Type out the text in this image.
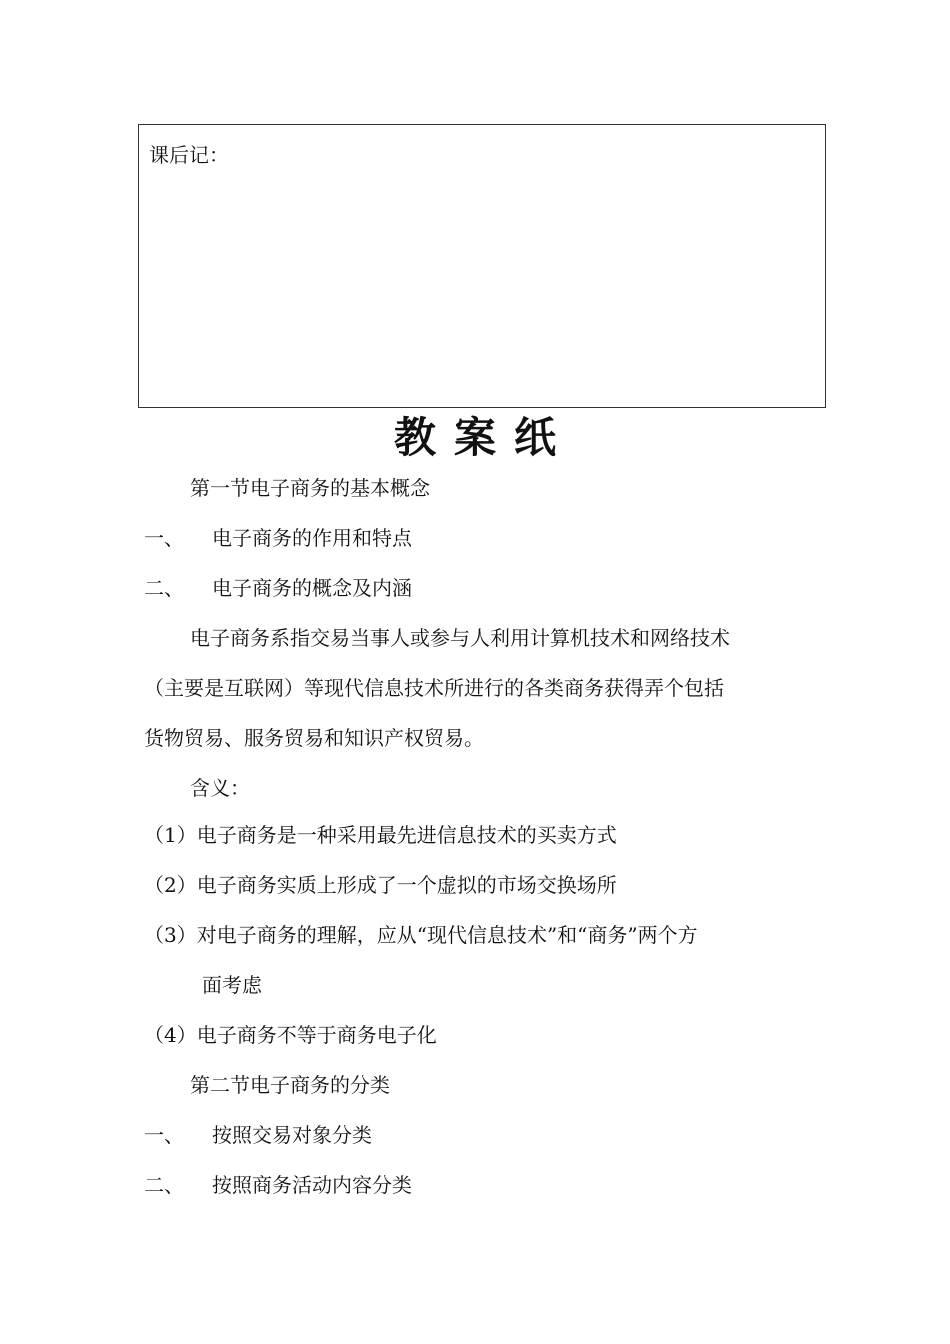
课后记：
教案纸
第一节电子商务的基本概念
一、 电子商务的作用和特点
二、 电子商务的概念及内涵
电子商务系指交易当事人或参与人利用计算机技术和网络技术
（主要是互联网）等现代信息技术所进行的各类商务获得弄个包括
货物贸易、服务贸易和知识产权贸易。
含义：
（1）电子商务是一种采用最先进信息技术的买卖方式
（2）电子商务实质上形成了一个虚拟的市场交换场所
（3）对电子商务的理解，应从“现代信息技术”和“商务”两个方
面考虑
（4）电子商务不等于商务电子化
第二节电子商务的分类
一、 按照交易对象分类
二、 按照商务活动内容分类
